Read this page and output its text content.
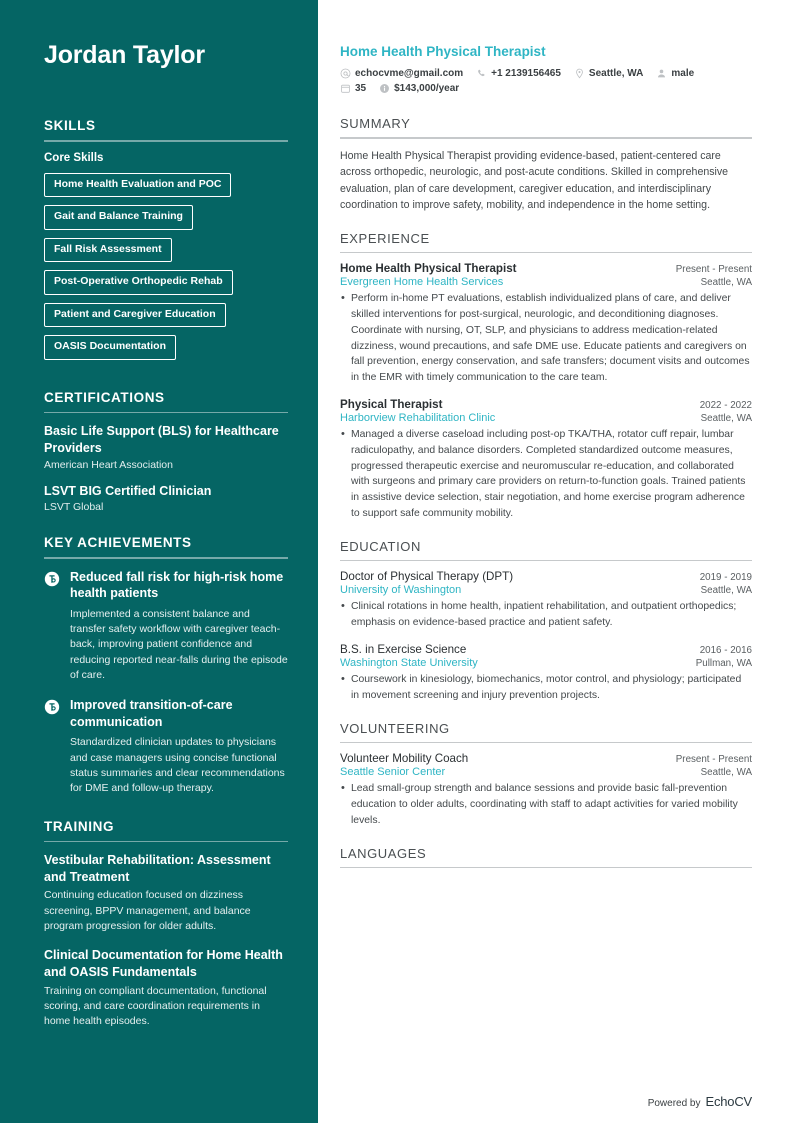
Jordan Taylor
SKILLS
Core Skills
Home Health Evaluation and POC
Gait and Balance Training
Fall Risk Assessment
Post-Operative Orthopedic Rehab
Patient and Caregiver Education
OASIS Documentation
CERTIFICATIONS
Basic Life Support (BLS) for Healthcare Providers
American Heart Association
LSVT BIG Certified Clinician
LSVT Global
KEY ACHIEVEMENTS
Reduced fall risk for high-risk home health patients
Implemented a consistent balance and transfer safety workflow with caregiver teach-back, improving patient confidence and reducing reported near-falls during the episode of care.
Improved transition-of-care communication
Standardized clinician updates to physicians and case managers using concise functional status summaries and clear recommendations for DME and follow-up therapy.
TRAINING
Vestibular Rehabilitation: Assessment and Treatment
Continuing education focused on dizziness screening, BPPV management, and balance program progression for older adults.
Clinical Documentation for Home Health and OASIS Fundamentals
Training on compliant documentation, functional scoring, and care coordination requirements in home health episodes.
Home Health Physical Therapist
echocvme@gmail.com	+1 2139156465	Seattle, WA	male
35	$143,000/year
SUMMARY

Home Health Physical Therapist providing evidence-based, patient-centered care across orthopedic, neurologic, and post-acute conditions. Skilled in comprehensive evaluation, plan of care development, caregiver education, and interdisciplinary coordination to improve safety, mobility, and independence in the home setting.

EXPERIENCE
Home Health Physical Therapist	Present - Present
Evergreen Home Health Services	Seattle, WA
• Perform in-home PT evaluations, establish individualized plans of care, and deliver skilled interventions for post-surgical, neurologic, and deconditioning diagnoses. Coordinate with nursing, OT, SLP, and physicians to address medication-related dizziness, wound precautions, and safe DME use. Educate patients and caregivers on fall prevention, energy conservation, and safe transfers; document visits and outcomes in the EMR with timely communication to the care team.
Physical Therapist	2022 - 2022
Harborview Rehabilitation Clinic	Seattle, WA
• Managed a diverse caseload including post-op TKA/THA, rotator cuff repair, lumbar radiculopathy, and balance disorders. Completed standardized outcome measures, progressed therapeutic exercise and neuromuscular re-education, and collaborated with surgeons and primary care providers on return-to-function goals. Trained patients in assistive device selection, stair negotiation, and home exercise program adherence to support safe community mobility.
EDUCATION
Doctor of Physical Therapy (DPT)	2019 - 2019
University of Washington	Seattle, WA
• Clinical rotations in home health, inpatient rehabilitation, and outpatient orthopedics; emphasis on evidence-based practice and patient safety.
B.S. in Exercise Science	2016 - 2016
Washington State University	Pullman, WA
• Coursework in kinesiology, biomechanics, motor control, and physiology; participated in movement screening and injury prevention projects.
VOLUNTEERING
Volunteer Mobility Coach	Present - Present
Seattle Senior Center	Seattle, WA
• Lead small-group strength and balance sessions and provide basic fall-prevention education to older adults, coordinating with staff to adapt activities for varied mobility levels.
LANGUAGES
Powered by EchoCV
